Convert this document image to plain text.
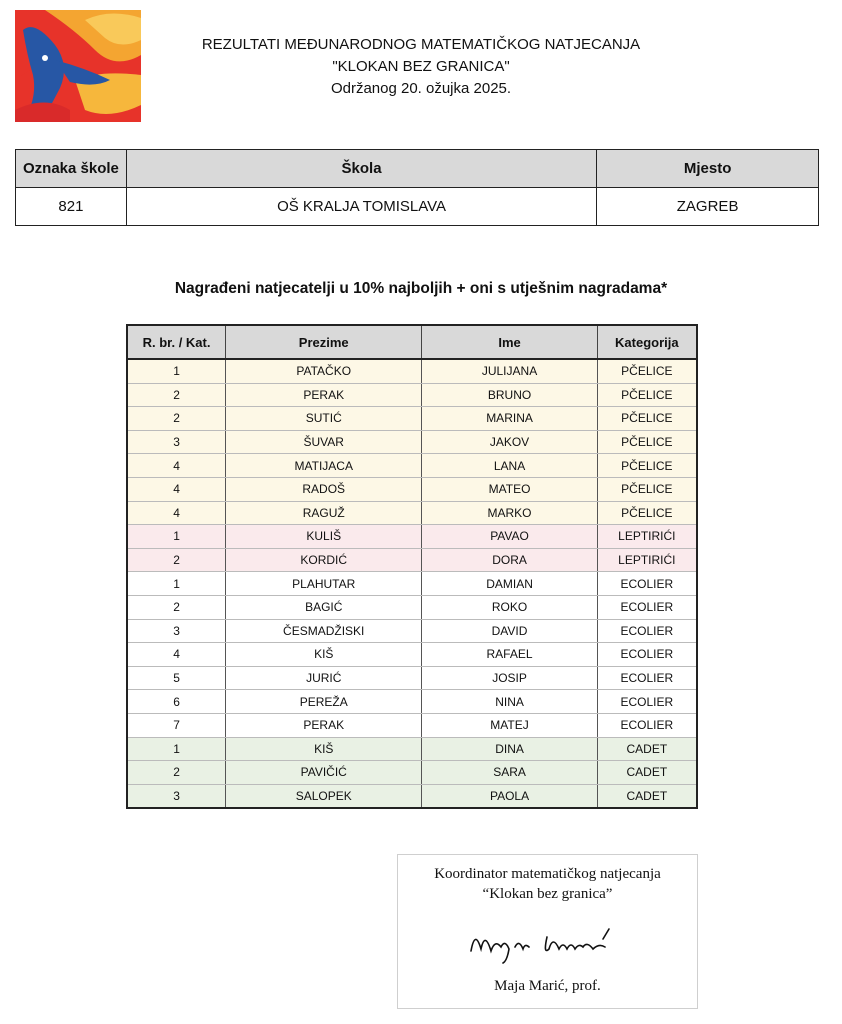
REZULTATI MEĐUNARODNOG MATEMATIČKOG NATJECANJA
"KLOKAN BEZ GRANICA"
Održanog 20. ožujka 2025.
Oznaka škole	Škola	Mjesto
821	OŠ KRALJA TOMISLAVA	ZAGREB
Nagrađeni natjecatelji u 10% najboljih + oni s utješnim nagradama*
R. br. / Kat.	Prezime	Ime	Kategorija
1	PATAČKO	JULIJANA	PČELICE
2	PERAK	BRUNO	PČELICE
2	SUTIĆ	MARINA	PČELICE
3	ŠUVAR	JAKOV	PČELICE
4	MATIJACA	LANA	PČELICE
4	RADOŠ	MATEO	PČELICE
4	RAGUŽ	MARKO	PČELICE
1	KULIŠ	PAVAO	LEPTIRIĆI
2	KORDIĆ	DORA	LEPTIRIĆI
1	PLAHUTAR	DAMIAN	ECOLIER
2	BAGIĆ	ROKO	ECOLIER
3	ČESMADŽISKI	DAVID	ECOLIER
4	KIŠ	RAFAEL	ECOLIER
5	JURIĆ	JOSIP	ECOLIER
6	PEREŽA	NINA	ECOLIER
7	PERAK	MATEJ	ECOLIER
1	KIŠ	DINA	CADET
2	PAVIČIĆ	SARA	CADET
3	SALOPEK	PAOLA	CADET
Koordinator matematičkog natjecanja
“Klokan bez granica”
Maja Marić, prof.
